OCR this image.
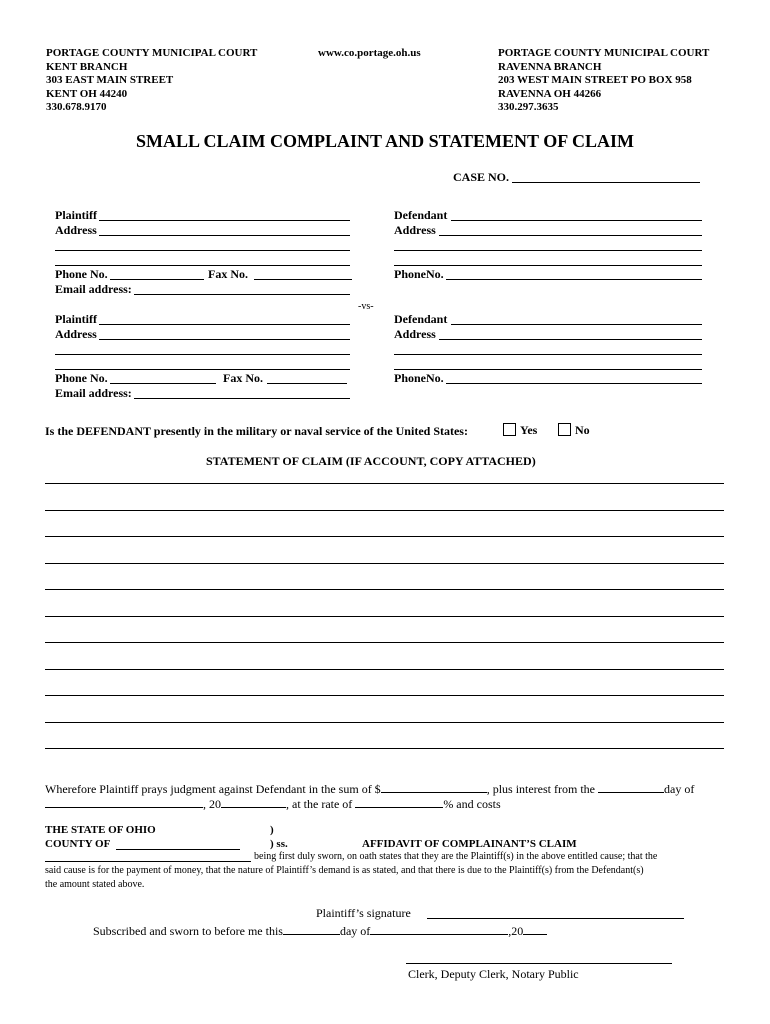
PORTAGE COUNTY MUNICIPAL COURT
KENT BRANCH
303 EAST MAIN STREET
KENT OH 44240
330.678.9170
www.co.portage.oh.us	PORTAGE COUNTY MUNICIPAL COURT
RAVENNA BRANCH
203 WEST MAIN STREET PO BOX 958
RAVENNA OH 44266
330.297.3635
SMALL CLAIM COMPLAINT AND STATEMENT OF CLAIM
CASE NO.
Plaintiff
Address
Phone No.	Fax No.
Email address:
Defendant
Address
PhoneNo.
-vs-
Plaintiff
Address
Phone No.	Fax No.
Email address:
Defendant
Address
PhoneNo.
Is the DEFENDANT presently in the military or naval service of the United States:	Yes	No
STATEMENT OF CLAIM (IF ACCOUNT, COPY ATTACHED)
Wherefore Plaintiff prays judgment against Defendant in the sum of $	, plus interest from the	day of
, 20	, at the rate of	% and costs
THE STATE OF OHIO	)
COUNTY OF	) ss.	AFFIDAVIT OF COMPLAINANT’S CLAIM
being first duly sworn, on oath states that they are the Plaintiff(s) in the above entitled cause; that the
said cause is for the payment of money, that the nature of Plaintiff’s demand is as stated, and that there is due to the Plaintiff(s) from the Defendant(s)
the amount stated above.
Plaintiff’s signature
Subscribed and sworn to before me this	day of	,20
Clerk, Deputy Clerk, Notary Public
